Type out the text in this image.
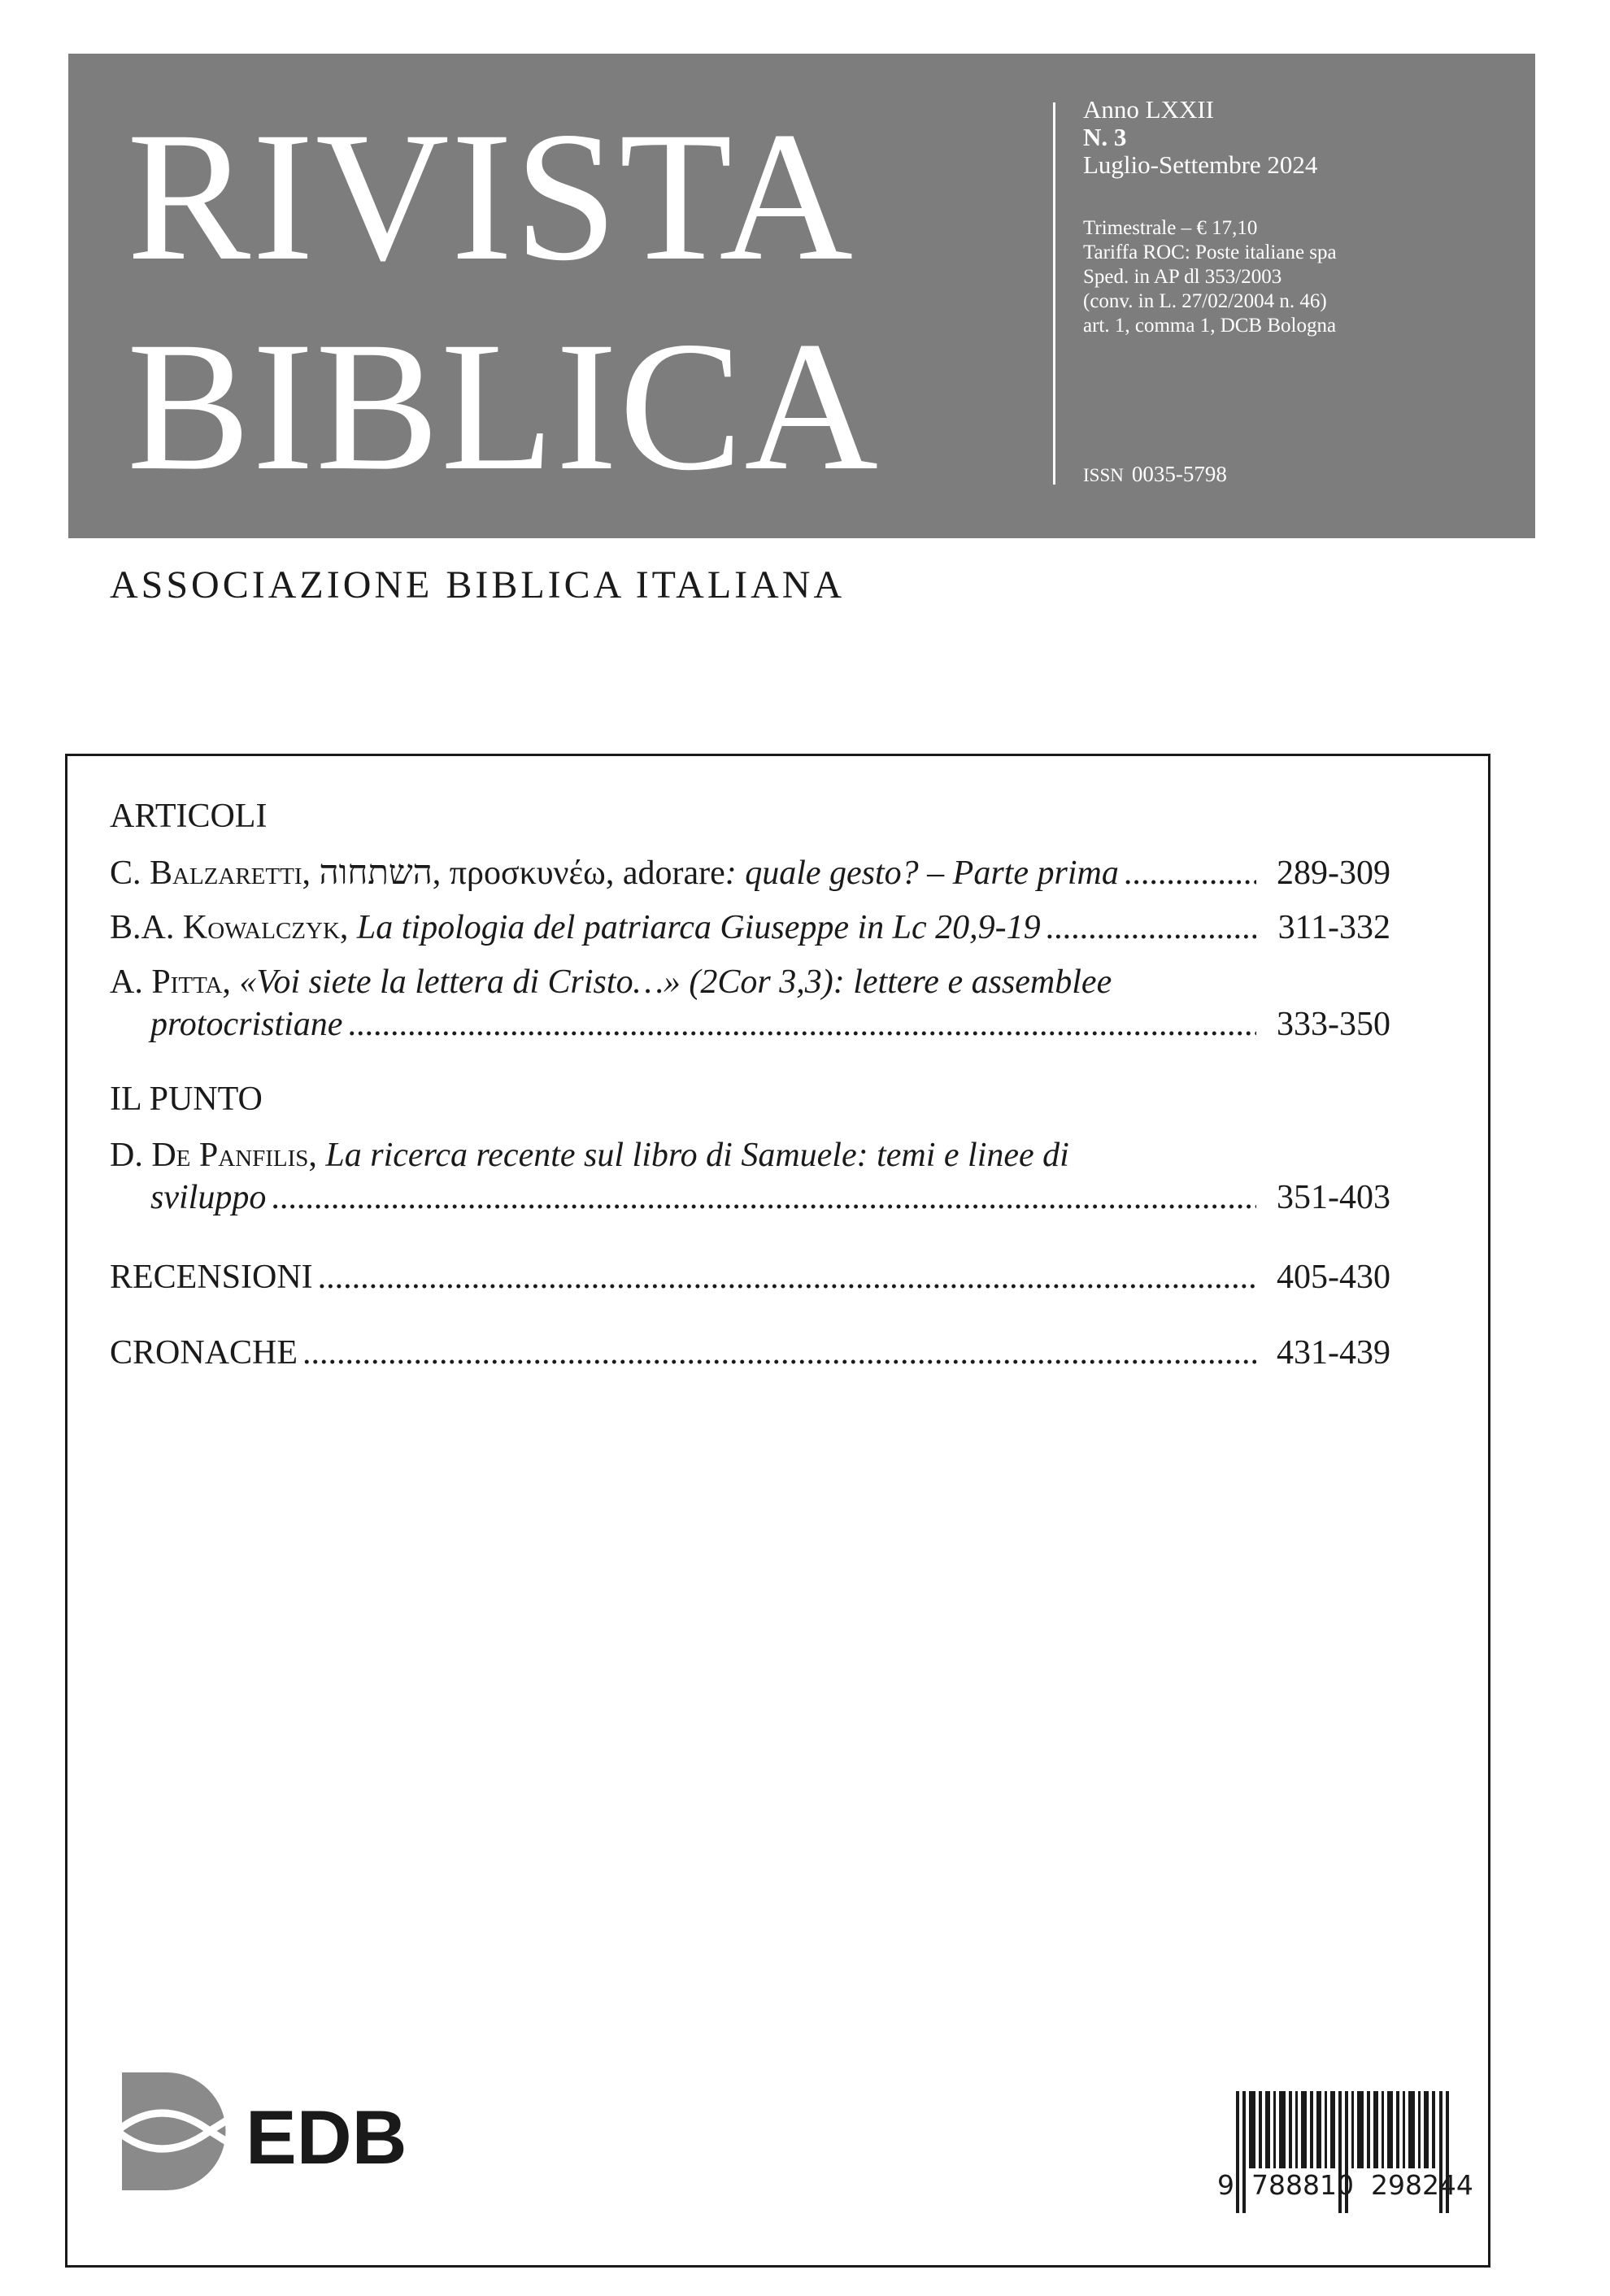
RIVISTA
BIBLICA
Anno LXXII
N. 3
Luglio-Settembre 2024
Trimestrale – € 17,10
Tariffa ROC: Poste italiane spa
Sped. in AP dl 353/2003
(conv. in L. 27/02/2004 n. 46)
art. 1, comma 1, DCB Bologna
ISSN 0035-5798
ASSOCIAZIONE BIBLICA ITALIANA
ARTICOLI
C. Balzaretti, השתחוה, προσκυνέω, adorare: quale gesto? – Parte prima .....	289-309
B.A. Kowalczyk, La tipologia del patriarca Giuseppe in Lc 20,9-19 .....	311-332
A. Pitta, «Voi siete la lettera di Cristo…» (2Cor 3,3): lettere e assemblee
protocristiane .....	333-350
IL PUNTO
D. De Panfilis, La ricerca recente sul libro di Samuele: temi e linee di
sviluppo .....	351-403
RECENSIONI .....	405-430
CRONACHE .....	431-439
EDB
9 788810 298244
